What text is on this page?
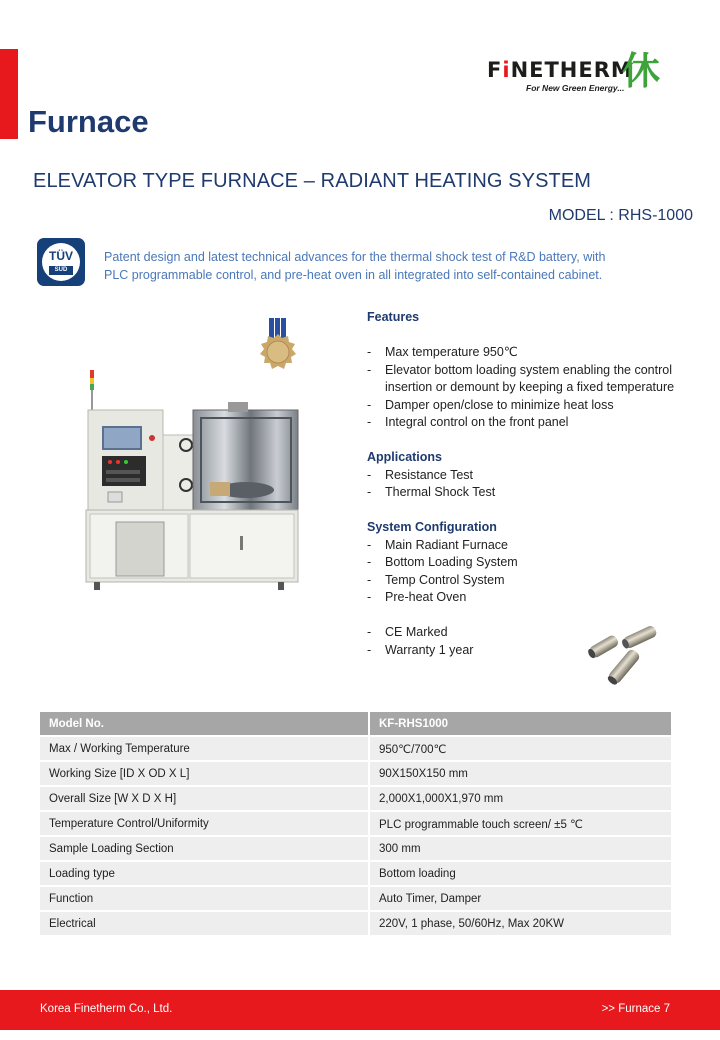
FiNETHERM
For New Green Energy...
休
Furnace
ELEVATOR TYPE FURNACE – RADIANT HEATING SYSTEM
MODEL : RHS-1000
TÜV
SÜD
Patent design and latest technical advances for the thermal shock test of R&D battery, with
PLC programmable control, and pre-heat oven in all integrated into self-contained cabinet.
Features
- Max temperature 950℃
- Elevator bottom loading system enabling the control insertion or demount by keeping a fixed temperature
- Damper open/close to minimize heat loss
- Integral control on the front panel
Applications
- Resistance Test
- Thermal Shock Test
System Configuration
- Main Radiant Furnace
- Bottom Loading System
- Temp Control System
- Pre-heat Oven
- CE Marked
- Warranty 1 year
Model No.	KF-RHS1000
Max / Working Temperature	950℃/700℃
Working Size [ID X OD X L]	90X150X150 mm
Overall Size [W X D X H]	2,000X1,000X1,970 mm
Temperature Control/Uniformity	PLC programmable touch screen/ ±5 ℃
Sample Loading Section	300 mm
Loading type	Bottom loading
Function	Auto Timer, Damper
Electrical	220V, 1 phase, 50/60Hz, Max 20KW
Korea Finetherm Co., Ltd.	>> Furnace 7
